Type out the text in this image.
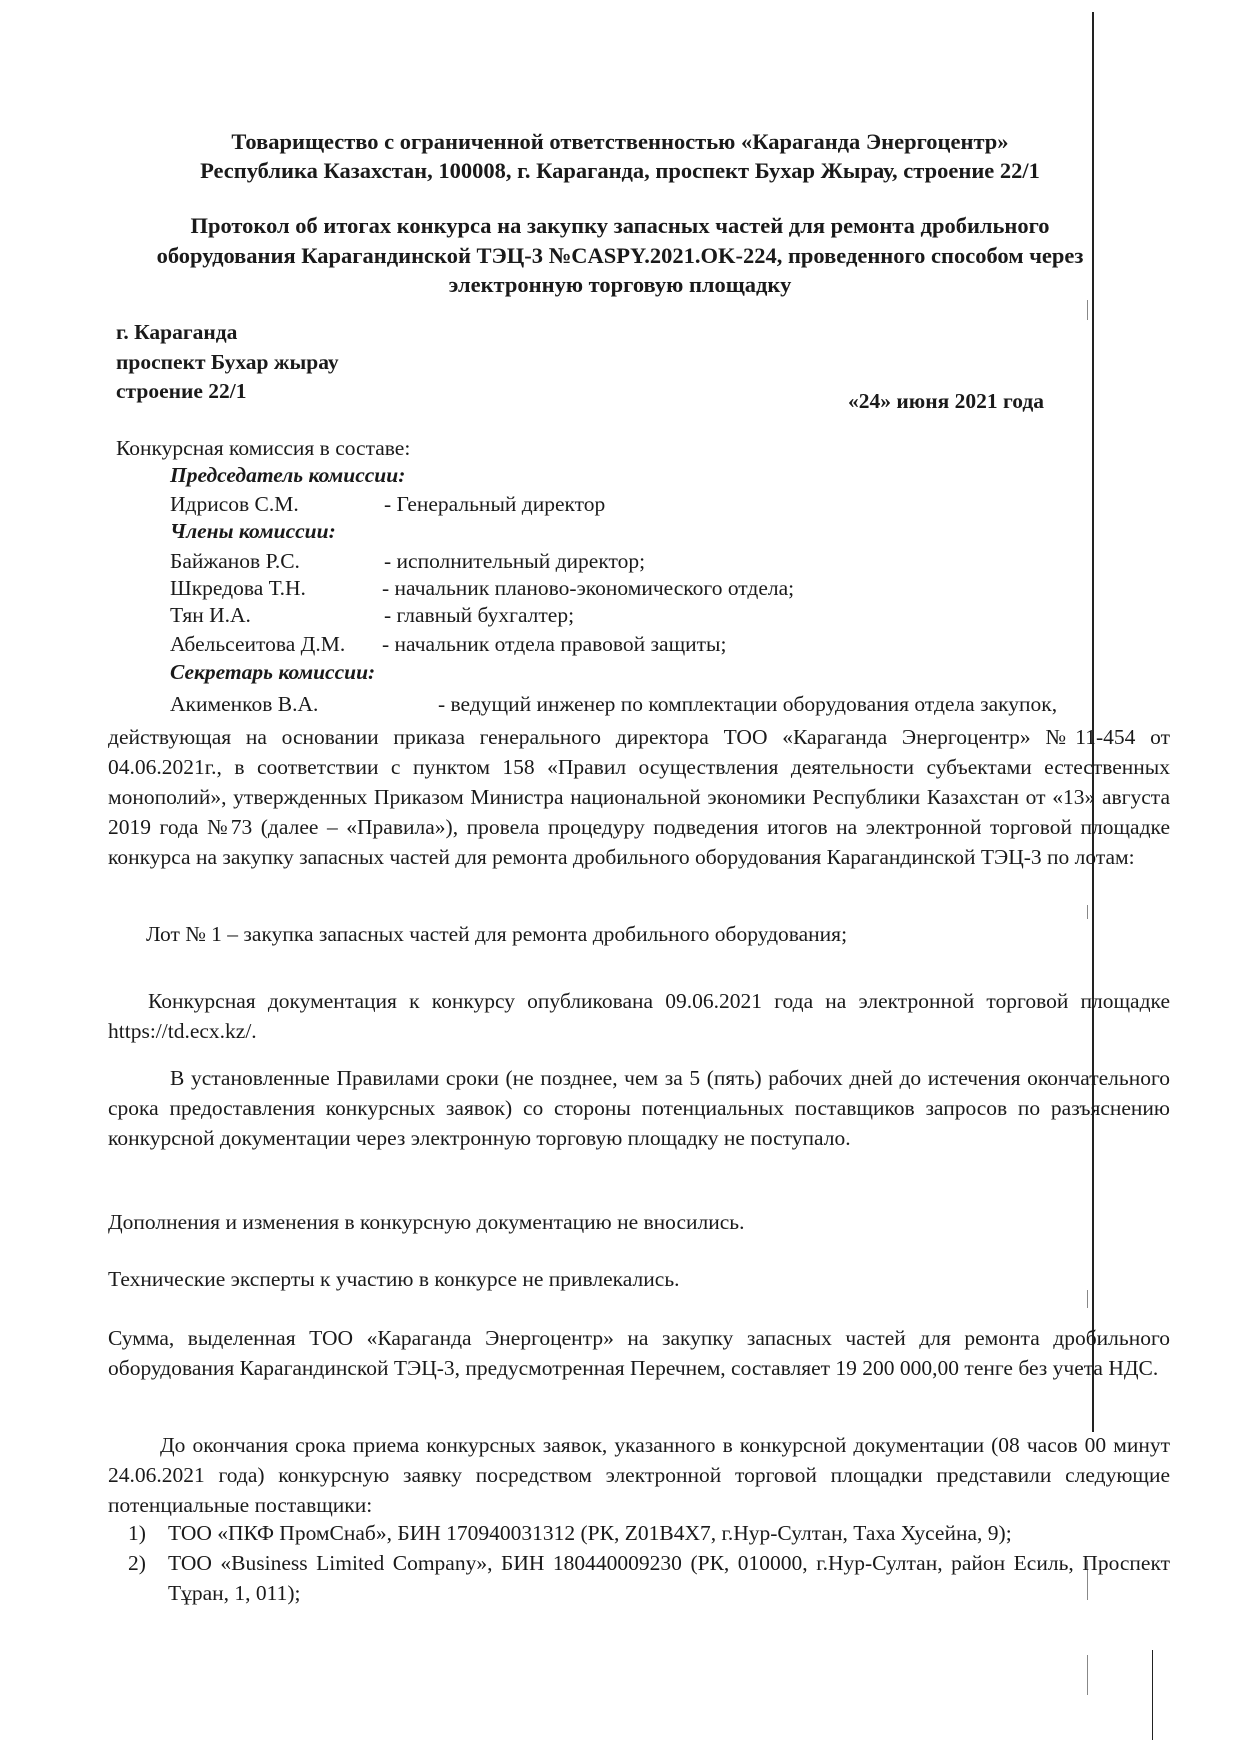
Товарищество с ограниченной ответственностью «Караганда Энергоцентр»
Республика Казахстан, 100008, г. Караганда, проспект Бухар Жырау, строение 22/1
Протокол об итогах конкурса на закупку запасных частей для ремонта дробильного
оборудования Карагандинской ТЭЦ-3 №CASPY.2021.OK-224, проведенного способом через
электронную торговую площадку
г. Караганда
проспект Бухар жырау
строение 22/1	«24» июня 2021 года
Конкурсная комиссия в составе:
Председатель комиссии:
Идрисов С.М.	- Генеральный директор
Члены комиссии:
Байжанов Р.С.	- исполнительный директор;
Шкредова Т.Н.	- начальник планово-экономического отдела;
Тян И.А.	- главный бухгалтер;
Абельсеитова Д.М. - начальник отдела правовой защиты;
Секретарь комиссии:
Акименков В.А.	- ведущий инженер по комплектации оборудования отдела закупок,
действующая на основании приказа генерального директора ТОО «Караганда Энергоцентр» №11-454 от 04.06.2021г., в соответствии с пунктом 158 «Правил осуществления деятельности субъектами естественных монополий», утвержденных Приказом Министра национальной экономики Республики Казахстан от «13» августа 2019 года №73 (далее – «Правила»), провела процедуру подведения итогов на электронной торговой площадке конкурса на закупку запасных частей для ремонта дробильного оборудования Карагандинской ТЭЦ-3 по лотам:
Лот № 1 – закупка запасных частей для ремонта дробильного оборудования;
Конкурсная документация к конкурсу опубликована 09.06.2021 года на электронной торговой площадке https://td.ecx.kz/.
В установленные Правилами сроки (не позднее, чем за 5 (пять) рабочих дней до истечения окончательного срока предоставления конкурсных заявок) со стороны потенциальных поставщиков запросов по разъяснению конкурсной документации через электронную торговую площадку не поступало.
Дополнения и изменения в конкурсную документацию не вносились.
Технические эксперты к участию в конкурсе не привлекались.
Сумма, выделенная ТОО «Караганда Энергоцентр» на закупку запасных частей для ремонта дробильного оборудования Карагандинской ТЭЦ-3, предусмотренная Перечнем, составляет 19 200 000,00 тенге без учета НДС.
До окончания срока приема конкурсных заявок, указанного в конкурсной документации (08 часов 00 минут 24.06.2021 года) конкурсную заявку посредством электронной торговой площадки представили следующие потенциальные поставщики:
1) ТОО «ПКФ ПромСнаб», БИН 170940031312 (РК, Z01B4X7, г.Нур-Султан, Таха Хусейна, 9);
2) ТОО «Business Limited Company», БИН 180440009230 (РК, 010000, г.Нур-Султан, район Есиль, Проспект Тұран, 1, 011);
